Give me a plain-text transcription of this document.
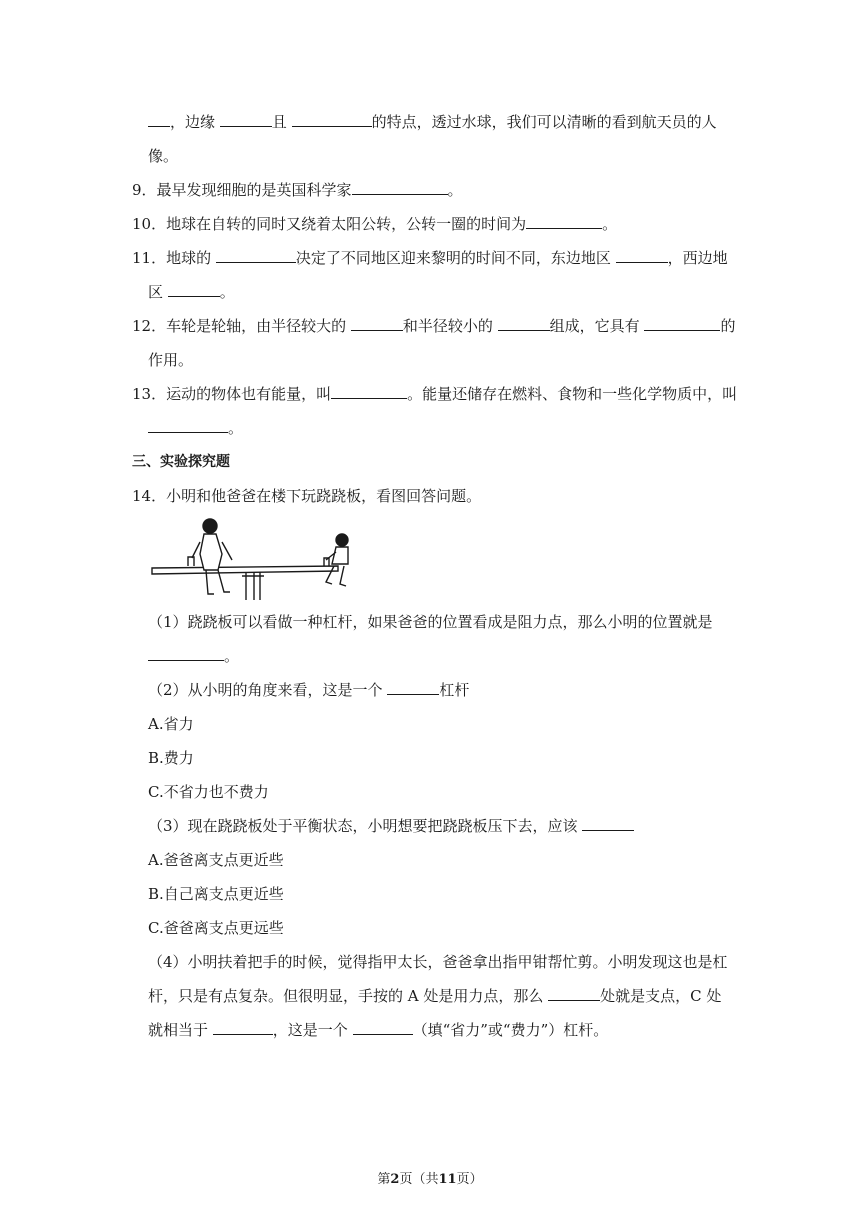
，边缘	且	的特点，透过水球，我们可以清晰的看到航天员的人
像。
9．最早发现细胞的是英国科学家	。
10．地球在自转的同时又绕着太阳公转，公转一圈的时间为	。
11．地球的	决定了不同地区迎来黎明的时间不同，东边地区	，西边地
区	。
12．车轮是轮轴，由半径较大的	和半径较小的	组成，它具有	的
作用。
13．运动的物体也有能量，叫	。能量还储存在燃料、食物和一些化学物质中，叫
。
三、实验探究题
14．小明和他爸爸在楼下玩跷跷板，看图回答问题。
（1）跷跷板可以看做一种杠杆，如果爸爸的位置看成是阻力点，那么小明的位置就是
。
（2）从小明的角度来看，这是一个	杠杆
A.省力
B.费力
C.不省力也不费力
（3）现在跷跷板处于平衡状态，小明想要把跷跷板压下去，应该
A.爸爸离支点更近些
B.自己离支点更近些
C.爸爸离支点更远些
（4）小明扶着把手的时候，觉得指甲太长，爸爸拿出指甲钳帮忙剪。小明发现这也是杠
杆，只是有点复杂。但很明显，手按的 A 处是用力点，那么	处就是支点，C 处
就相当于	，这是一个	（填“省力”或“费力”）杠杆。
第2页（共11页）
